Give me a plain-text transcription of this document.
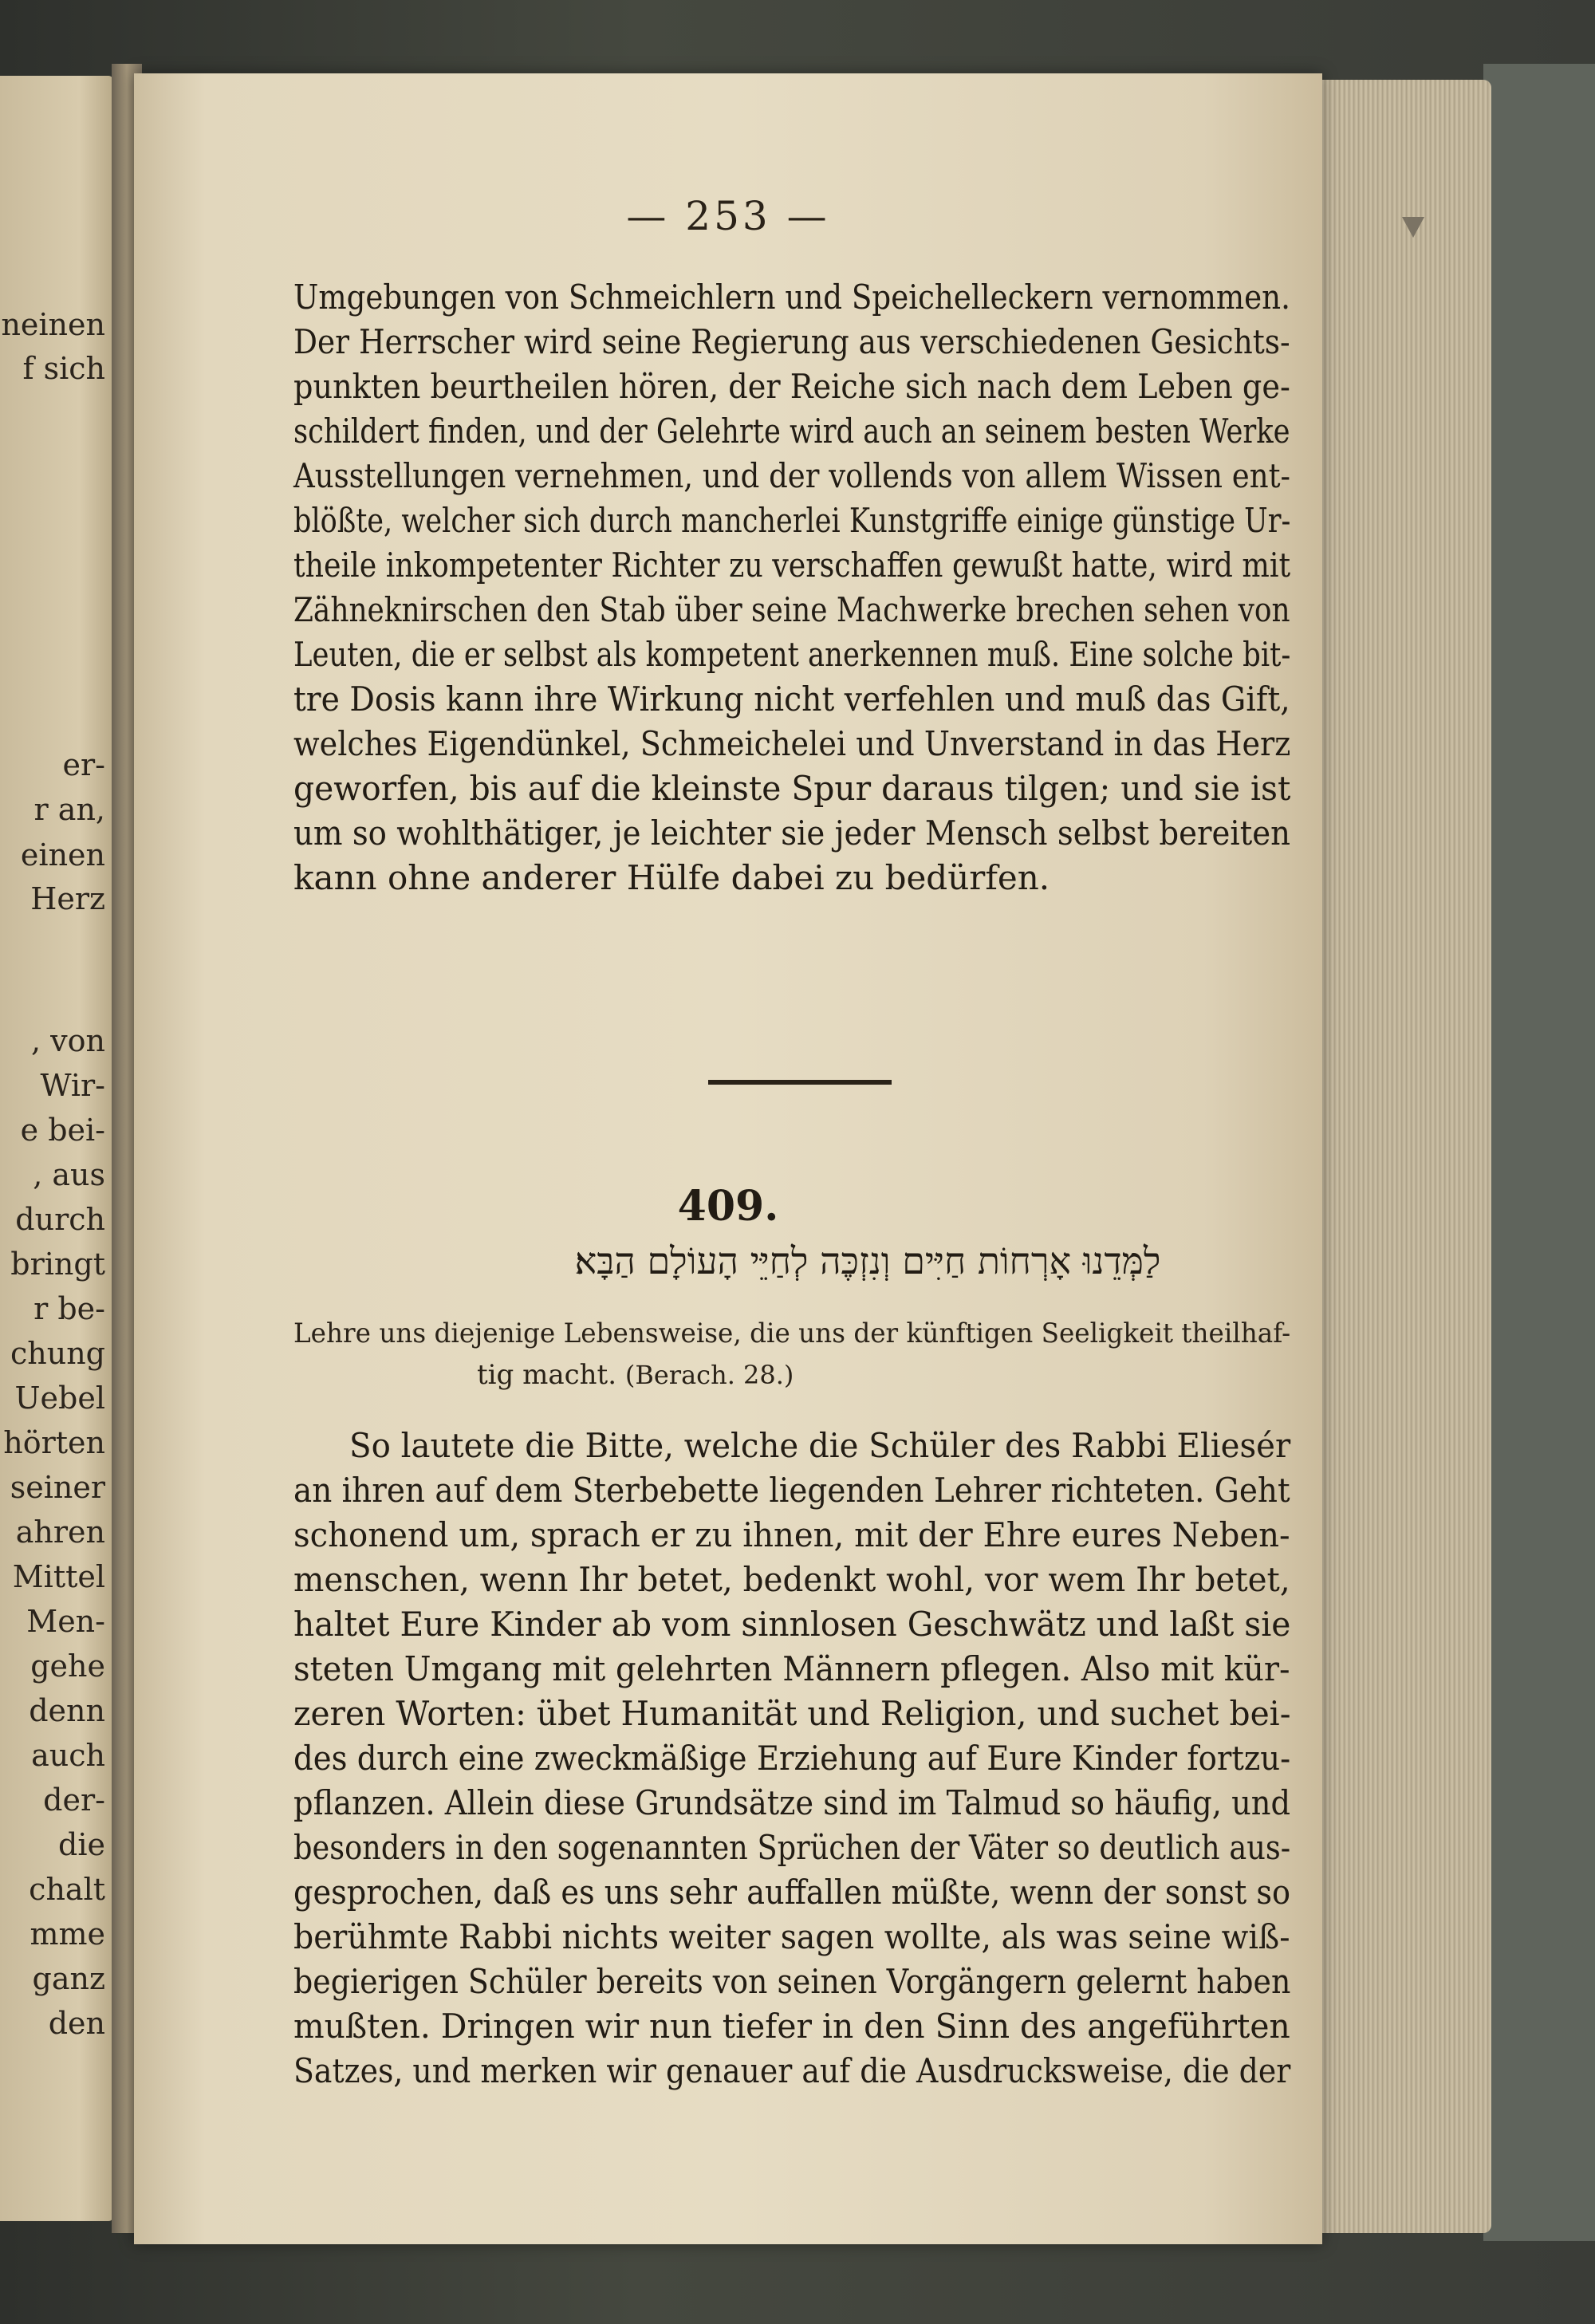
neinen
f sich
er-
r an,
einen
Herz
, von
Wir-
e bei-
, aus
durch
bringt
r be-
chung
Uebel
hörten
seiner
ahren
Mittel
Men-
gehe
denn
auch
der-
die
chalt
mme
ganz
den
— 253 —
Umgebungen von Schmeichlern und Speichelleckern vernommen.
Der Herrscher wird seine Regierung aus verschiedenen Gesichts-
punkten beurtheilen hören, der Reiche sich nach dem Leben ge-
schildert finden, und der Gelehrte wird auch an seinem besten Werke
Ausstellungen vernehmen, und der vollends von allem Wissen ent-
blößte, welcher sich durch mancherlei Kunstgriffe einige günstige Ur-
theile inkompetenter Richter zu verschaffen gewußt hatte, wird mit
Zähneknirschen den Stab über seine Machwerke brechen sehen von
Leuten, die er selbst als kompetent anerkennen muß. Eine solche bit-
tre Dosis kann ihre Wirkung nicht verfehlen und muß das Gift,
welches Eigendünkel, Schmeichelei und Unverstand in das Herz
geworfen, bis auf die kleinste Spur daraus tilgen; und sie ist
um so wohlthätiger, je leichter sie jeder Mensch selbst bereiten
kann ohne anderer Hülfe dabei zu bedürfen.
409.
לַמְּדֵנוּ אָרְחוֹת חַיִּים וְנִזְכֶּה לְחַיֵּי הָעוֹלָם הַבָּא׃
Lehre uns diejenige Lebensweise, die uns der künftigen Seeligkeit theilhaf-
tig macht. (Berach. 28.)
So lautete die Bitte, welche die Schüler des Rabbi Eliesér
an ihren auf dem Sterbebette liegenden Lehrer richteten. Geht
schonend um, sprach er zu ihnen, mit der Ehre eures Neben-
menschen, wenn Ihr betet, bedenkt wohl, vor wem Ihr betet,
haltet Eure Kinder ab vom sinnlosen Geschwätz und laßt sie
steten Umgang mit gelehrten Männern pflegen. Also mit kür-
zeren Worten: übet Humanität und Religion, und suchet bei-
des durch eine zweckmäßige Erziehung auf Eure Kinder fortzu-
pflanzen. Allein diese Grundsätze sind im Talmud so häufig, und
besonders in den sogenannten Sprüchen der Väter so deutlich aus-
gesprochen, daß es uns sehr auffallen müßte, wenn der sonst so
berühmte Rabbi nichts weiter sagen wollte, als was seine wiß-
begierigen Schüler bereits von seinen Vorgängern gelernt haben
mußten. Dringen wir nun tiefer in den Sinn des angeführten
Satzes, und merken wir genauer auf die Ausdrucksweise, die der
